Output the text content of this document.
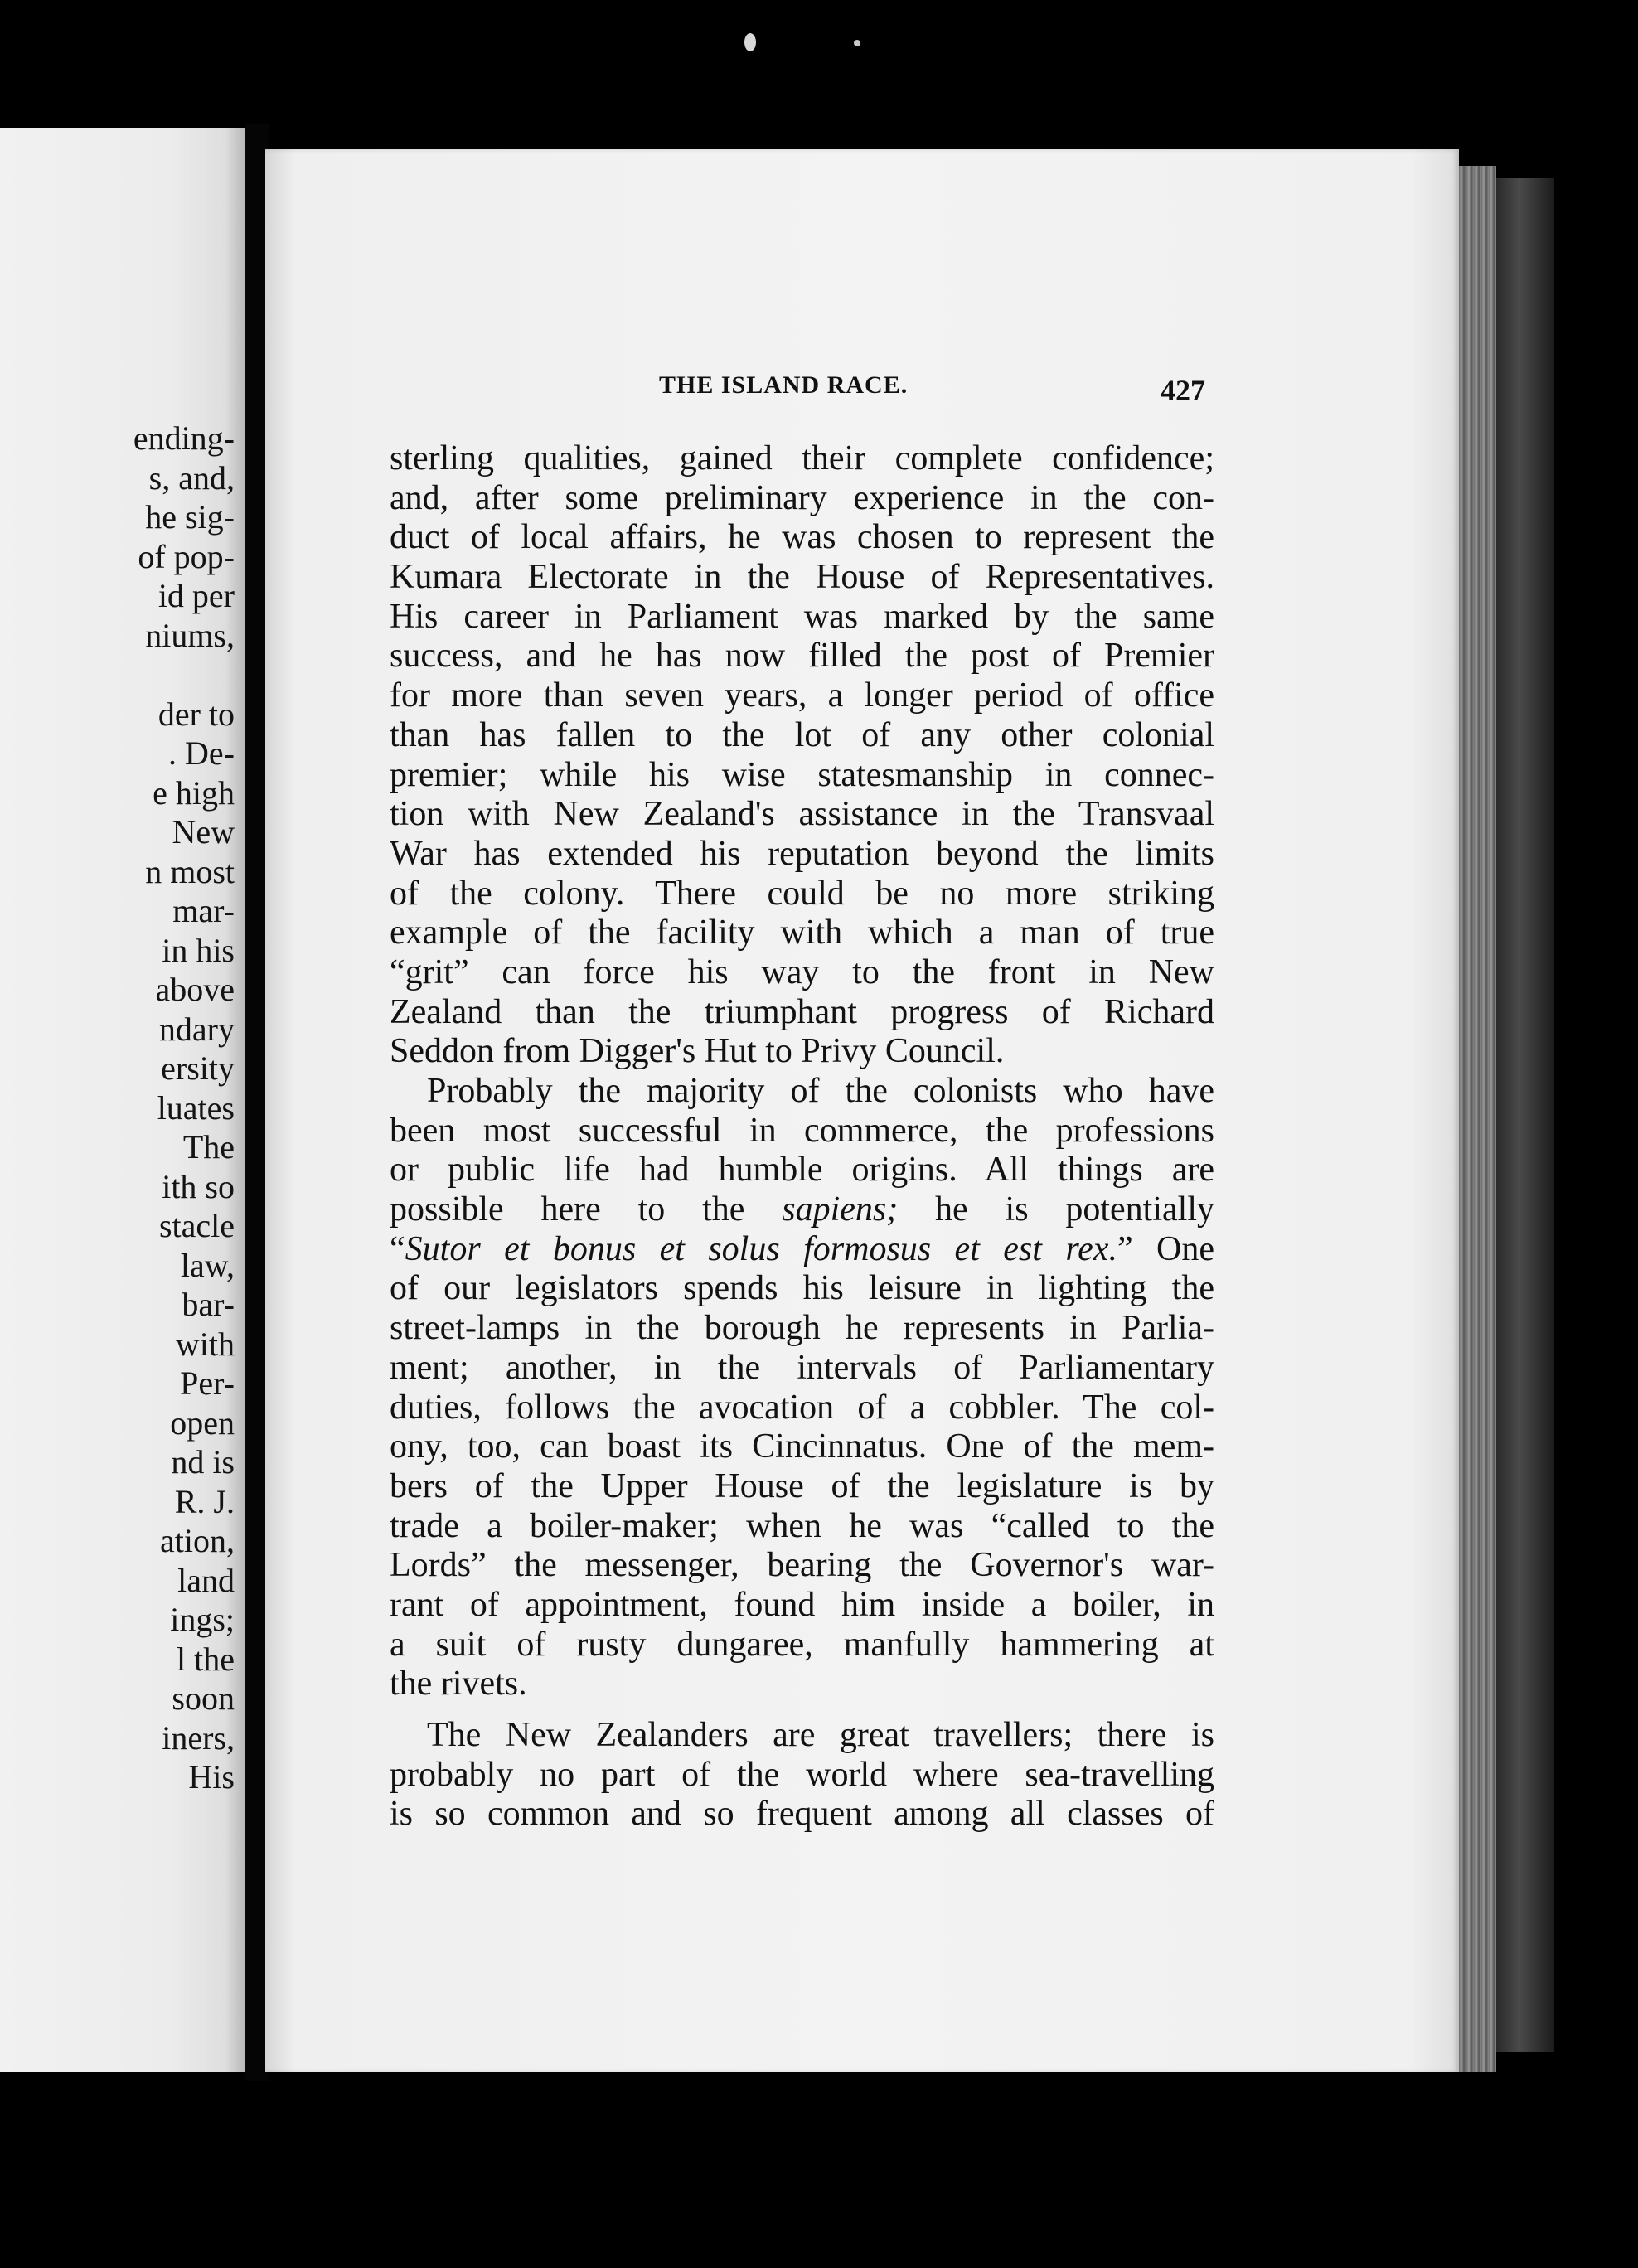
ending-
s, and,
he sig-
of pop-
id per
niums,
der to
. De-
e high
New
n most
mar-
in his
above
ndary
ersity
luates
The
ith so
stacle
law,
bar-
with
Per-
open
nd is
R. J.
ation,
land
ings;
l the
soon
iners,
His
THE ISLAND RACE.	427
sterling qualities, gained their complete confidence;
and, after some preliminary experience in the con-
duct of local affairs, he was chosen to represent the
Kumara Electorate in the House of Representatives.
His career in Parliament was marked by the same
success, and he has now filled the post of Premier
for more than seven years, a longer period of office
than has fallen to the lot of any other colonial
premier; while his wise statesmanship in connec-
tion with New Zealand's assistance in the Transvaal
War has extended his reputation beyond the limits
of the colony. There could be no more striking
example of the facility with which a man of true
“grit” can force his way to the front in New
Zealand than the triumphant progress of Richard
Seddon from Digger's Hut to Privy Council.
Probably the majority of the colonists who have
been most successful in commerce, the professions
or public life had humble origins. All things are
possible here to the sapiens; he is potentially
“Sutor et bonus et solus formosus et est rex.” One
of our legislators spends his leisure in lighting the
street-lamps in the borough he represents in Parlia-
ment; another, in the intervals of Parliamentary
duties, follows the avocation of a cobbler. The col-
ony, too, can boast its Cincinnatus. One of the mem-
bers of the Upper House of the legislature is by
trade a boiler-maker; when he was “called to the
Lords” the messenger, bearing the Governor's war-
rant of appointment, found him inside a boiler, in
a suit of rusty dungaree, manfully hammering at
the rivets.
The New Zealanders are great travellers; there is
probably no part of the world where sea-travelling
is so common and so frequent among all classes of
